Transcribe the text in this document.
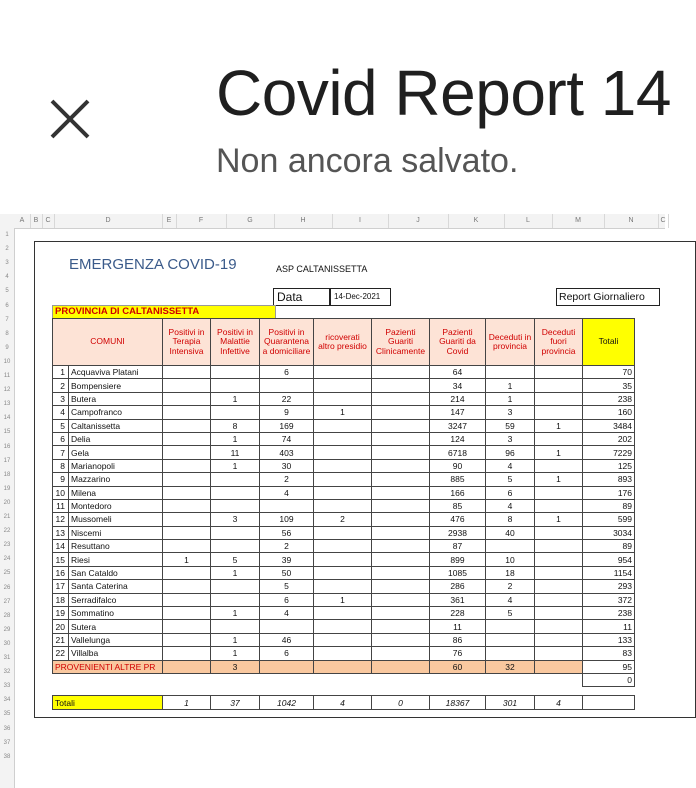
Covid Report 14
Non ancora salvato.
A	B	C	D	E	F	G	H	I	J	K	L	M	N	C
1
2
3
4
5
6
7
8
9
10
11
12
13
14
15
16
17
18
19
20
21
22
23
24
25
26
27
28
29
30
31
32
33
34
35
36
37
38
EMERGENZA COVID-19	ASP CALTANISSETTA
Data	14-Dec-2021	Report Giornaliero
PROVINCIA DI CALTANISSETTA
COMUNI		Positivi in Terapia Intensiva	Positivi in Malattie Infettive	Positivi in Quarantena a domiciliare	ricoverati altro presidio	Pazienti Guariti Clinicamente	Pazienti Guariti da Covid	Deceduti in provincia	Deceduti fuori provincia	Totali
1	Acquaviva Platani			6			64			70
2	Bompensiere						34	1		35
3	Butera		1	22			214	1		238
4	Campofranco			9	1		147	3		160
5	Caltanissetta		8	169			3247	59	1	3484
6	Delia		1	74			124	3		202
7	Gela		11	403			6718	96	1	7229
8	Marianopoli		1	30			90	4		125
9	Mazzarino			2			885	5	1	893
10	Milena			4			166	6		176
11	Montedoro						85	4		89
12	Mussomeli		3	109	2		476	8	1	599
13	Niscemi			56			2938	40		3034
14	Resuttano			2			87			89
15	Riesi	1	5	39			899	10		954
16	San Cataldo		1	50			1085	18		1154
17	Santa Caterina			5			286	2		293
18	Serradifalco			6	1		361	4		372
19	Sommatino		1	4			228	5		238
20	Sutera						11			11
21	Vallelunga		1	46			86			133
22	Villalba		1	6			76			83
PROVENIENTI ALTRE PR			3				60	32		95
										0

Totali		1	37	1042	4	0	18367	301	4	
